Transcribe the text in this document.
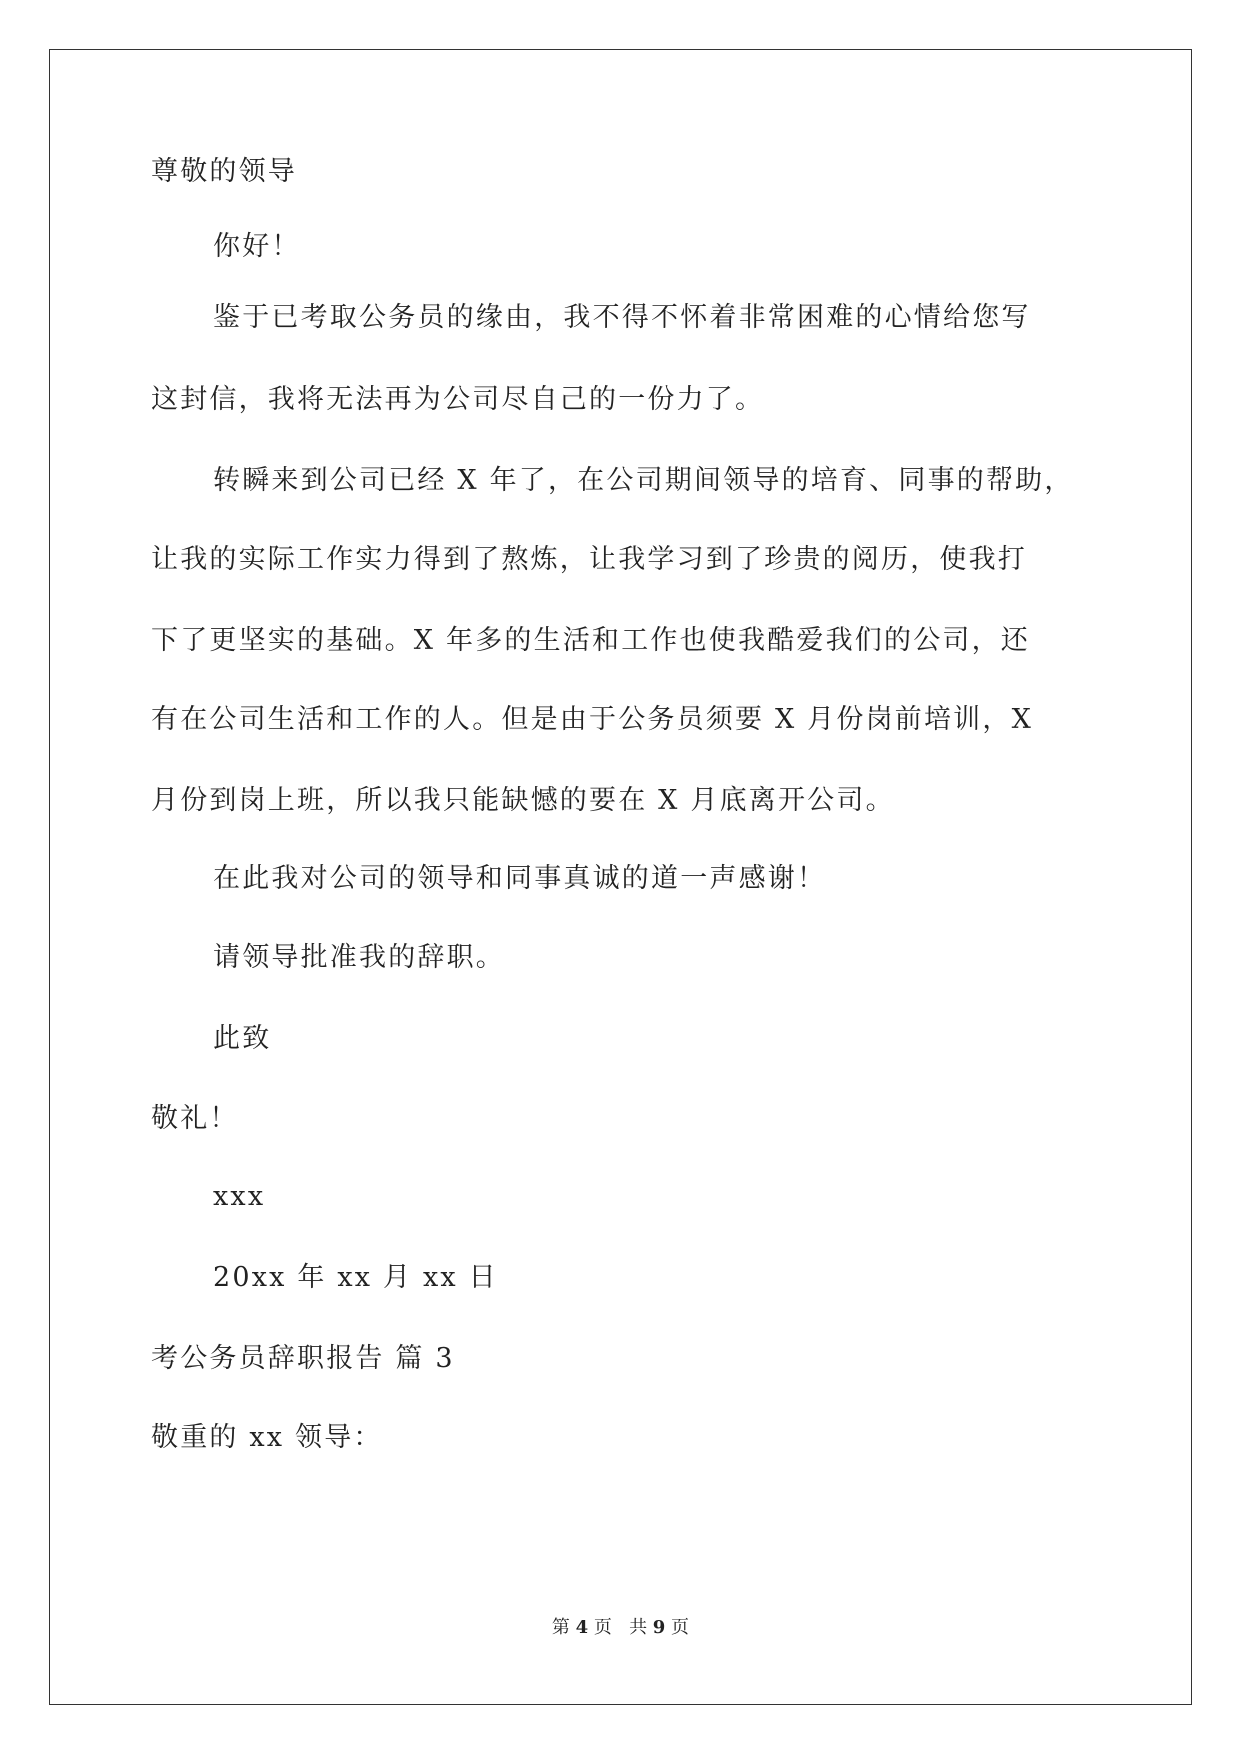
尊敬的领导
你好！
鉴于已考取公务员的缘由，我不得不怀着非常困难的心情给您写
这封信，我将无法再为公司尽自己的一份力了。
转瞬来到公司已经 X 年了，在公司期间领导的培育、同事的帮助，
让我的实际工作实力得到了熬炼，让我学习到了珍贵的阅历，使我打
下了更坚实的基础。X 年多的生活和工作也使我酷爱我们的公司，还
有在公司生活和工作的人。但是由于公务员须要 X 月份岗前培训，X
月份到岗上班，所以我只能缺憾的要在 X 月底离开公司。
在此我对公司的领导和同事真诚的道一声感谢！
请领导批准我的辞职。
此致
敬礼！
xxx
20xx 年 xx 月 xx 日
考公务员辞职报告 篇 3
敬重的 xx 领导：
第 4 页   共 9 页
